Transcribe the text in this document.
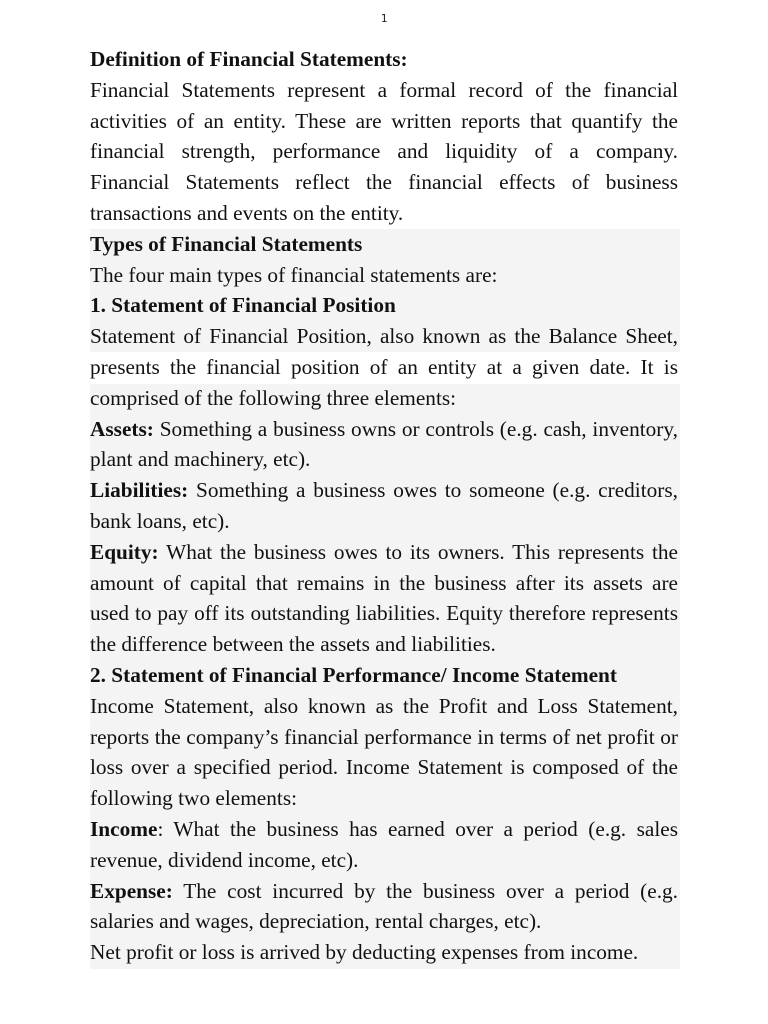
1
Definition of Financial Statements:

Financial Statements represent a formal record of the financial activities of an entity. These are written reports that quantify the financial strength, performance and liquidity of a company. Financial Statements reflect the financial effects of business transactions and events on the entity.

Types of Financial Statements

The four main types of financial statements are:

1. Statement of Financial Position

Statement of Financial Position, also known as the Balance Sheet, presents the financial position of an entity at a given date. It is comprised of the following three elements:

Assets: Something a business owns or controls (e.g. cash, inventory, plant and machinery, etc).

Liabilities: Something a business owes to someone (e.g. creditors, bank loans, etc).

Equity: What the business owes to its owners. This represents the amount of capital that remains in the business after its assets are used to pay off its outstanding liabilities. Equity therefore represents the difference between the assets and liabilities.

2. Statement of Financial Performance/ Income Statement

Income Statement, also known as the Profit and Loss Statement, reports the company’s financial performance in terms of net profit or loss over a specified period. Income Statement is composed of the following two elements:

Income: What the business has earned over a period (e.g. sales revenue, dividend income, etc).

Expense: The cost incurred by the business over a period (e.g. salaries and wages, depreciation, rental charges, etc).

Net profit or loss is arrived by deducting expenses from income.
